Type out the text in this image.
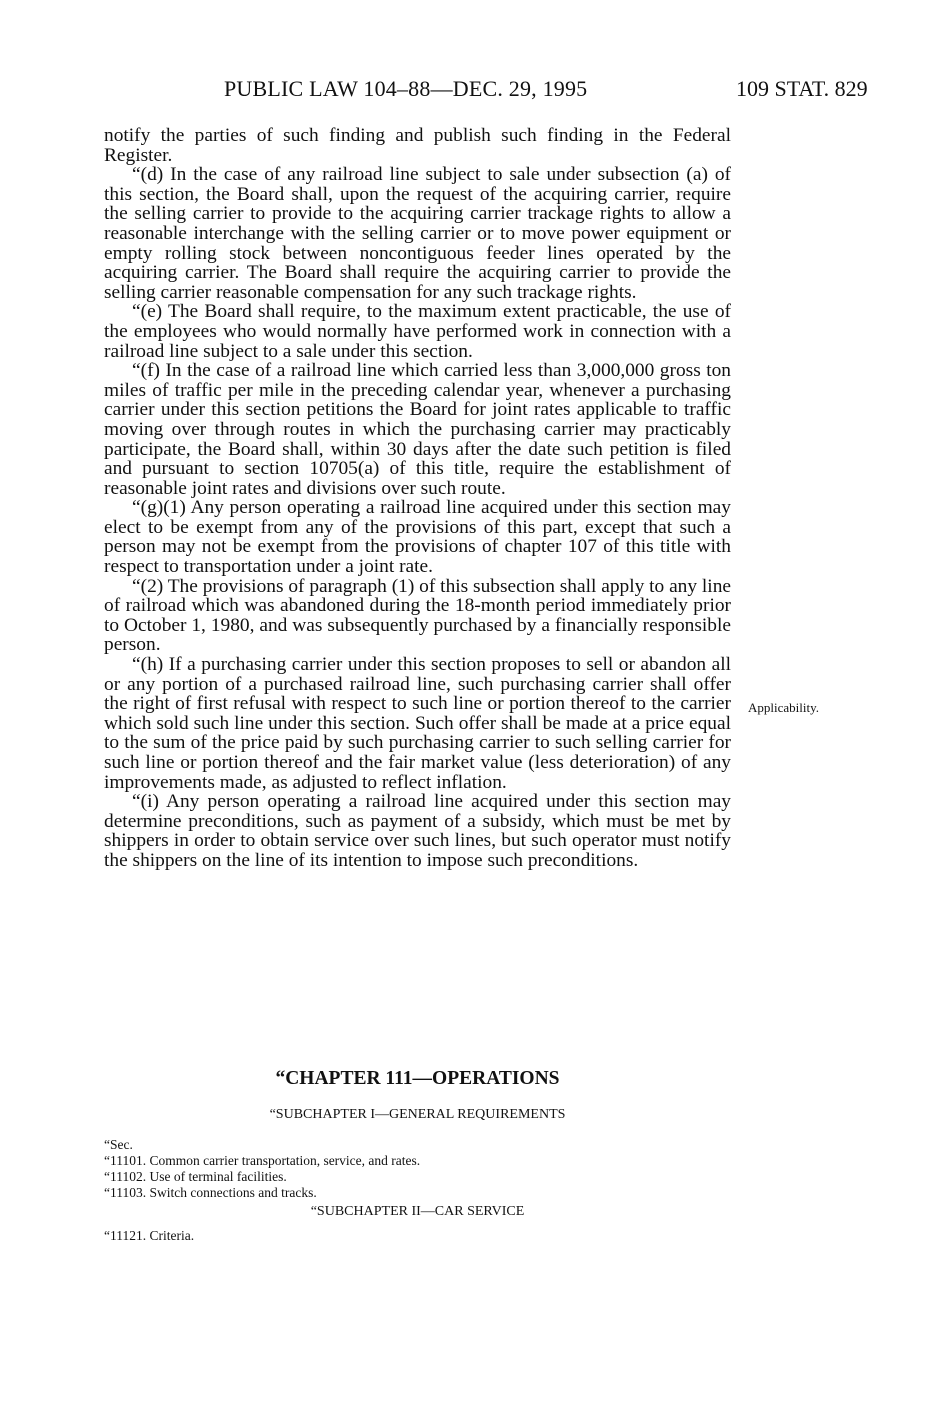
PUBLIC LAW 104–88—DEC. 29, 1995	109 STAT. 829

notify the parties of such finding and publish such finding in the Federal Register.

“(d) In the case of any railroad line subject to sale under subsection (a) of this section, the Board shall, upon the request of the acquiring carrier, require the selling carrier to provide to the acquiring carrier trackage rights to allow a reasonable interchange with the selling carrier or to move power equipment or empty rolling stock between noncontiguous feeder lines operated by the acquiring carrier. The Board shall require the acquiring carrier to provide the selling carrier reasonable compensation for any such trackage rights.

“(e) The Board shall require, to the maximum extent practicable, the use of the employees who would normally have performed work in connection with a railroad line subject to a sale under this section.

“(f) In the case of a railroad line which carried less than 3,000,000 gross ton miles of traffic per mile in the preceding calendar year, whenever a purchasing carrier under this section petitions the Board for joint rates applicable to traffic moving over through routes in which the purchasing carrier may practicably participate, the Board shall, within 30 days after the date such petition is filed and pursuant to section 10705(a) of this title, require the establishment of reasonable joint rates and divisions over such route.

“(g)(1) Any person operating a railroad line acquired under this section may elect to be exempt from any of the provisions of this part, except that such a person may not be exempt from the provisions of chapter 107 of this title with respect to transportation under a joint rate.

“(2) The provisions of paragraph (1) of this subsection shall apply to any line of railroad which was abandoned during the 18-month period immediately prior to October 1, 1980, and was subsequently purchased by a financially responsible person.

“(h) If a purchasing carrier under this section proposes to sell or abandon all or any portion of a purchased railroad line, such purchasing carrier shall offer the right of first refusal with respect to such line or portion thereof to the carrier which sold such line under this section. Such offer shall be made at a price equal to the sum of the price paid by such purchasing carrier to such selling carrier for such line or portion thereof and the fair market value (less deterioration) of any improvements made, as adjusted to reflect inflation.

“(i) Any person operating a railroad line acquired under this section may determine preconditions, such as payment of a subsidy, which must be met by shippers in order to obtain service over such lines, but such operator must notify the shippers on the line of its intention to impose such preconditions.

Applicability.
“CHAPTER 111—OPERATIONS
“SUBCHAPTER I—GENERAL REQUIREMENTS
“Sec.
“11101. Common carrier transportation, service, and rates.
“11102. Use of terminal facilities.
“11103. Switch connections and tracks.
“SUBCHAPTER II—CAR SERVICE
“11121. Criteria.
